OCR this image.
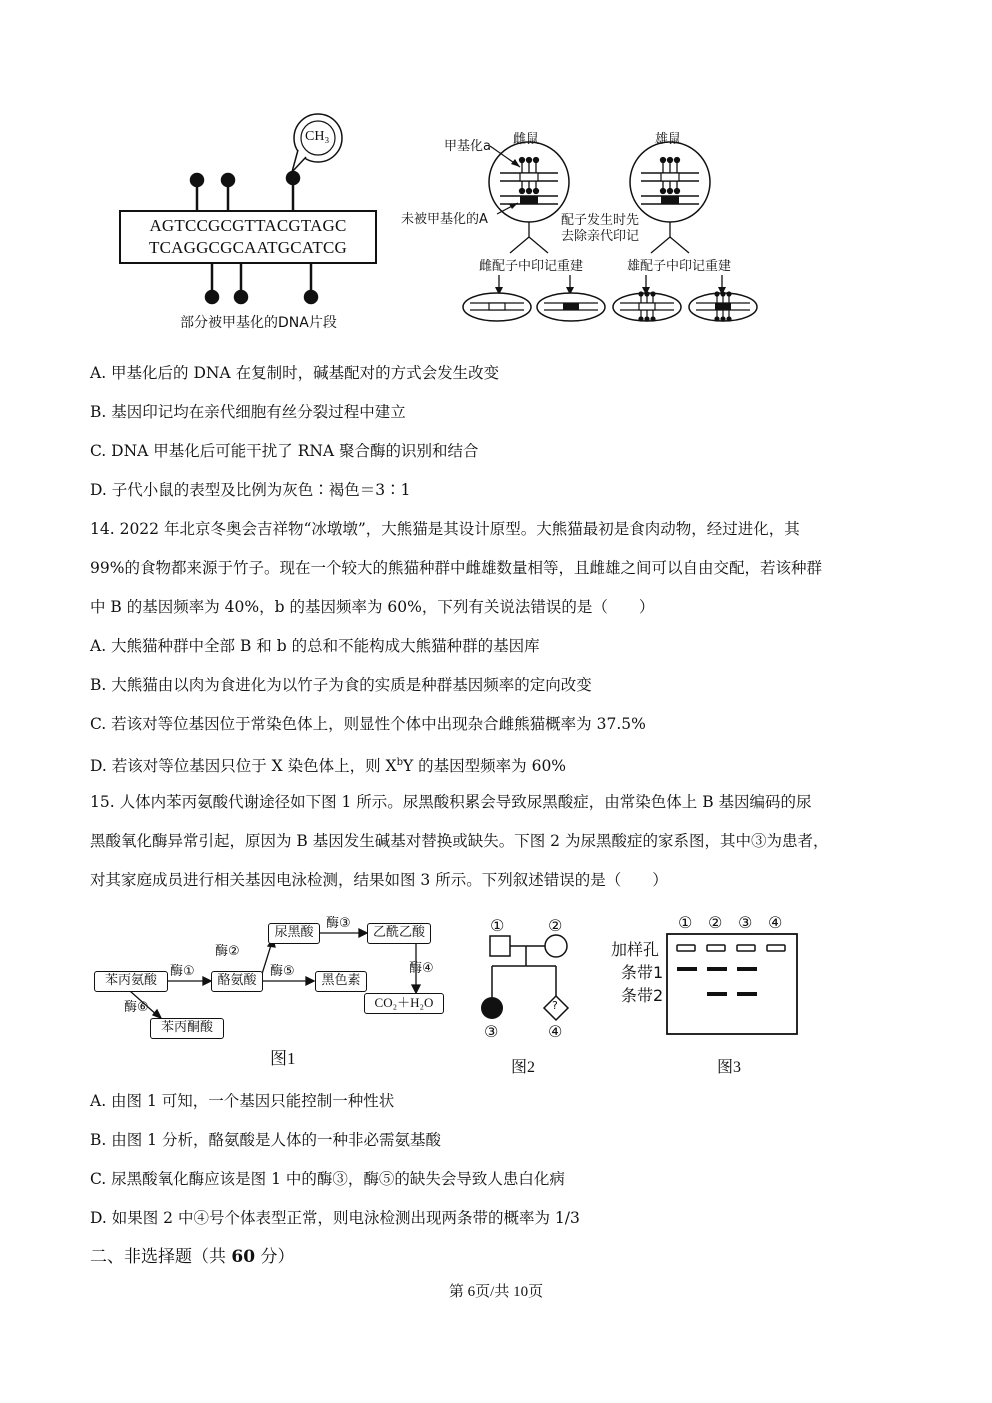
CH₃
AGTCCGCGTTACGTAGC
TCAGGCGCAATGCATCG
部分被甲基化的DNA片段
雌鼠	雄鼠
甲基化a
未被甲基化的A	配子发生时先
去除亲代印记
雌配子中印记重建	雄配子中印记重建
A. 甲基化后的 DNA 在复制时，碱基配对的方式会发生改变
B. 基因印记均在亲代细胞有丝分裂过程中建立
C. DNA 甲基化后可能干扰了 RNA 聚合酶的识别和结合
D. 子代小鼠的表型及比例为灰色∶褐色＝3∶1
14. 2022 年北京冬奥会吉祥物“冰墩墩”，大熊猫是其设计原型。大熊猫最初是食肉动物，经过进化，其
99%的食物都来源于竹子。现在一个较大的熊猫种群中雌雄数量相等，且雌雄之间可以自由交配，若该种群
中 B 的基因频率为 40%，b 的基因频率为 60%，下列有关说法错误的是（　　）
A. 大熊猫种群中全部 B 和 b 的总和不能构成大熊猫种群的基因库
B. 大熊猫由以肉为食进化为以竹子为食的实质是种群基因频率的定向改变
C. 若该对等位基因位于常染色体上，则显性个体中出现杂合雌熊猫概率为 37.5%
D. 若该对等位基因只位于 X 染色体上，则 $X^bY$ 的基因型频率为 60%
15. 人体内苯丙氨酸代谢途径如下图 1 所示。尿黑酸积累会导致尿黑酸症，由常染色体上 B 基因编码的尿
黑酸氧化酶异常引起，原因为 B 基因发生碱基对替换或缺失。下图 2 为尿黑酸症的家系图，其中③为患者，
对其家庭成员进行相关基因电泳检测，结果如图 3 所示。下列叙述错误的是（　　）
苯丙氨酸	酪氨酸
尿黑酸	乙酰乙酸
黑色素
CO₂＋H₂O
苯丙酮酸
酶①
酶②
酶③
酶④
酶⑤
酶⑥
图1
①	②
③	④
?
图2
① ② ③ ④
加样孔
条带1
条带2
图3
A. 由图 1 可知，一个基因只能控制一种性状
B. 由图 1 分析，酪氨酸是人体的一种非必需氨基酸
C. 尿黑酸氧化酶应该是图 1 中的酶③，酶⑤的缺失会导致人患白化病
D. 如果图 2 中④号个体表型正常，则电泳检测出现两条带的概率为 1/3
二、非选择题（共 60 分）
第 6页/共 10页
